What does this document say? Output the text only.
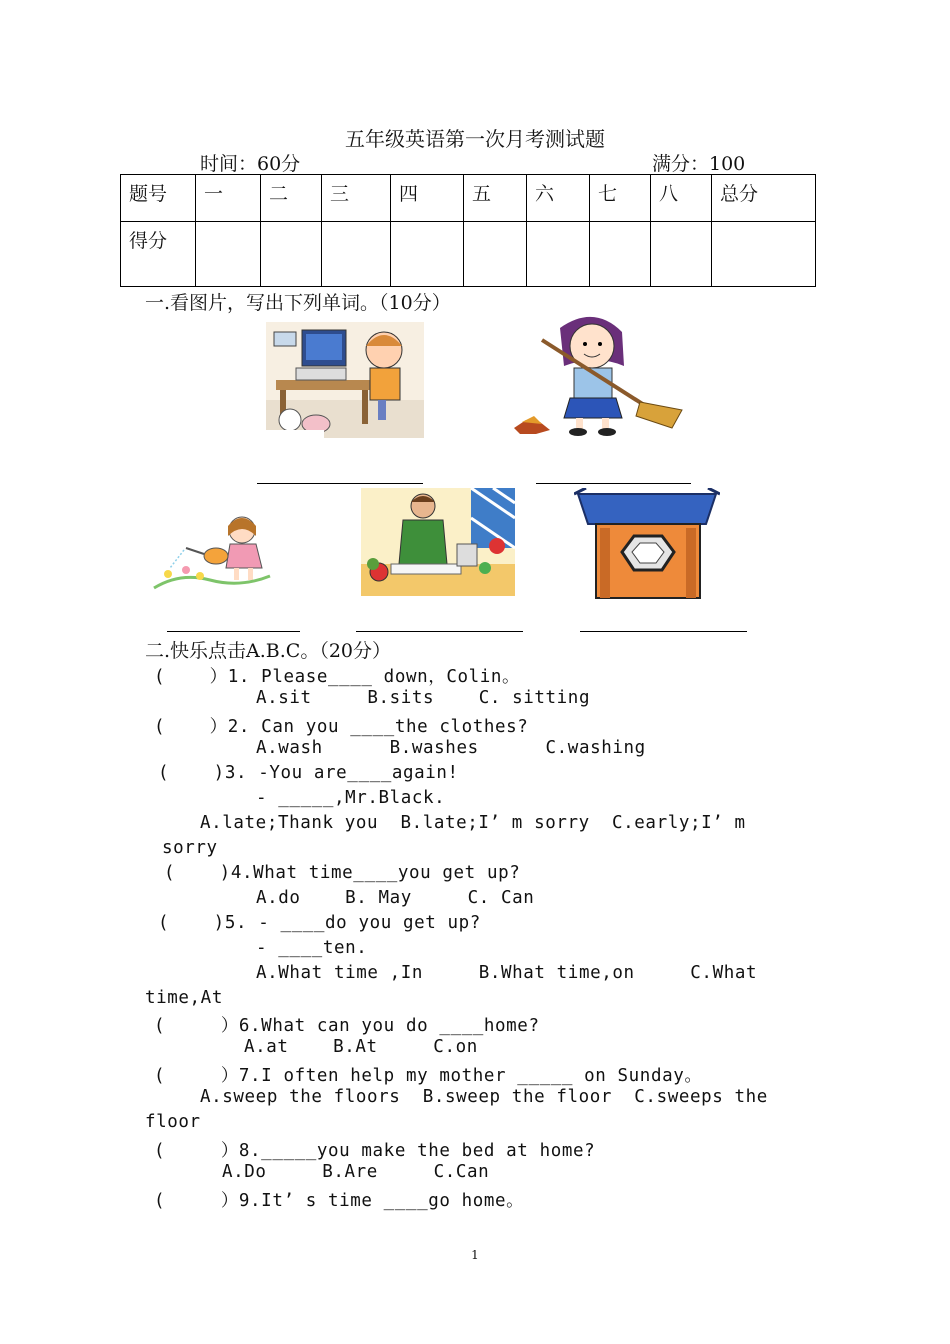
五年级英语第一次月考测试题
时间：60分	满分：100
题号	一	二	三	四	五	六	七	八	总分
得分									
一.看图片，写出下列单词。（10分）
二.快乐点击A.B.C。（20分）
(    ）1. Please____ down，Colin。
A.sit     B.sits    C. sitting
(    ）2. Can you ____the clothes?
A.wash      B.washes      C.washing
(    )3. -You are____again!
- _____,Mr.Black.
A.late;Thank you  B.late;I’ m sorry  C.early;I’ m
sorry
(    )4.What time____you get up?
A.do    B. May     C. Can
(    )5. - ____do you get up?
- ____ten.
A.What time ,In     B.What time,on     C.What
time,At
(     ）6.What can you do ____home?
A.at    B.At     C.on
(     ）7.I often help my mother _____ on Sunday。
A.sweep the floors  B.sweep the floor  C.sweeps the
floor
(     ）8._____you make the bed at home?
A.Do     B.Are     C.Can
(     ）9.It’ s time ____go home。
1
